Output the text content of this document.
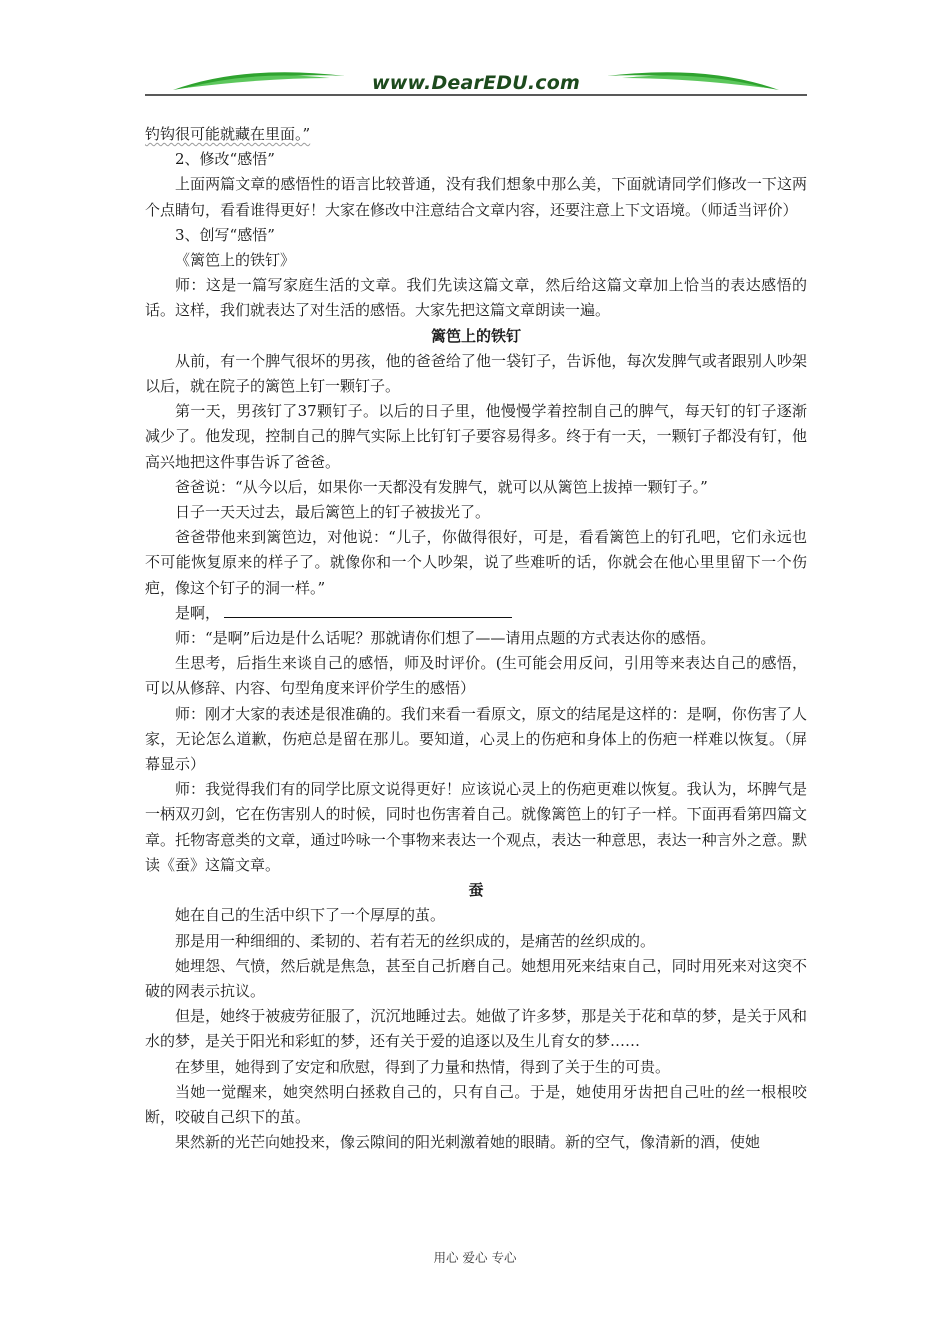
www.DearEDU.com

钓钩很可能就藏在里面。”

2、修改“感悟”

上面两篇文章的感悟性的语言比较普通，没有我们想象中那么美，下面就请同学们修改一下这两个点睛句，看看谁得更好！大家在修改中注意结合文章内容，还要注意上下文语境。（师适当评价）

3、创写“感悟”

《篱笆上的铁钉》

师：这是一篇写家庭生活的文章。我们先读这篇文章，然后给这篇文章加上恰当的表达感悟的话。这样，我们就表达了对生活的感悟。大家先把这篇文章朗读一遍。

篱笆上的铁钉

从前，有一个脾气很坏的男孩，他的爸爸给了他一袋钉子，告诉他，每次发脾气或者跟别人吵架以后，就在院子的篱笆上钉一颗钉子。

第一天，男孩钉了37颗钉子。以后的日子里，他慢慢学着控制自己的脾气，每天钉的钉子逐渐减少了。他发现，控制自己的脾气实际上比钉钉子要容易得多。终于有一天，一颗钉子都没有钉，他高兴地把这件事告诉了爸爸。

爸爸说：“从今以后，如果你一天都没有发脾气，就可以从篱笆上拔掉一颗钉子。”

日子一天天过去，最后篱笆上的钉子被拔光了。

爸爸带他来到篱笆边，对他说：“儿子，你做得很好，可是，看看篱笆上的钉孔吧，它们永远也不可能恢复原来的样子了。就像你和一个人吵架，说了些难听的话，你就会在他心里里留下一个伤疤，像这个钉子的洞一样。”

是啊，

师：“是啊”后边是什么话呢？那就请你们想了——请用点题的方式表达你的感悟。

生思考，后指生来谈自己的感悟，师及时评价。(生可能会用反问，引用等来表达自己的感悟，可以从修辞、内容、句型角度来评价学生的感悟）

师：刚才大家的表述是很准确的。我们来看一看原文，原文的结尾是这样的：是啊，你伤害了人家，无论怎么道歉，伤疤总是留在那儿。要知道，心灵上的伤疤和身体上的伤疤一样难以恢复。（屏幕显示）

师：我觉得我们有的同学比原文说得更好！应该说心灵上的伤疤更难以恢复。我认为，坏脾气是一柄双刃剑，它在伤害别人的时候，同时也伤害着自己。就像篱笆上的钉子一样。下面再看第四篇文章。托物寄意类的文章，通过吟咏一个事物来表达一个观点，表达一种意思，表达一种言外之意。默读《蚕》这篇文章。

蚕

她在自己的生活中织下了一个厚厚的茧。

那是用一种细细的、柔韧的、若有若无的丝织成的，是痛苦的丝织成的。

她埋怨、气愤，然后就是焦急，甚至自己折磨自己。她想用死来结束自己，同时用死来对这突不破的网表示抗议。

但是，她终于被疲劳征服了，沉沉地睡过去。她做了许多梦，那是关于花和草的梦，是关于风和水的梦，是关于阳光和彩虹的梦，还有关于爱的追逐以及生儿育女的梦……

在梦里，她得到了安定和欣慰，得到了力量和热情，得到了关于生的可贵。

当她一觉醒来，她突然明白拯救自己的，只有自己。于是，她使用牙齿把自己吐的丝一根根咬断，咬破自己织下的茧。

果然新的光芒向她投来，像云隙间的阳光刺激着她的眼睛。新的空气，像清新的酒，使她

用心 爱心 专心
